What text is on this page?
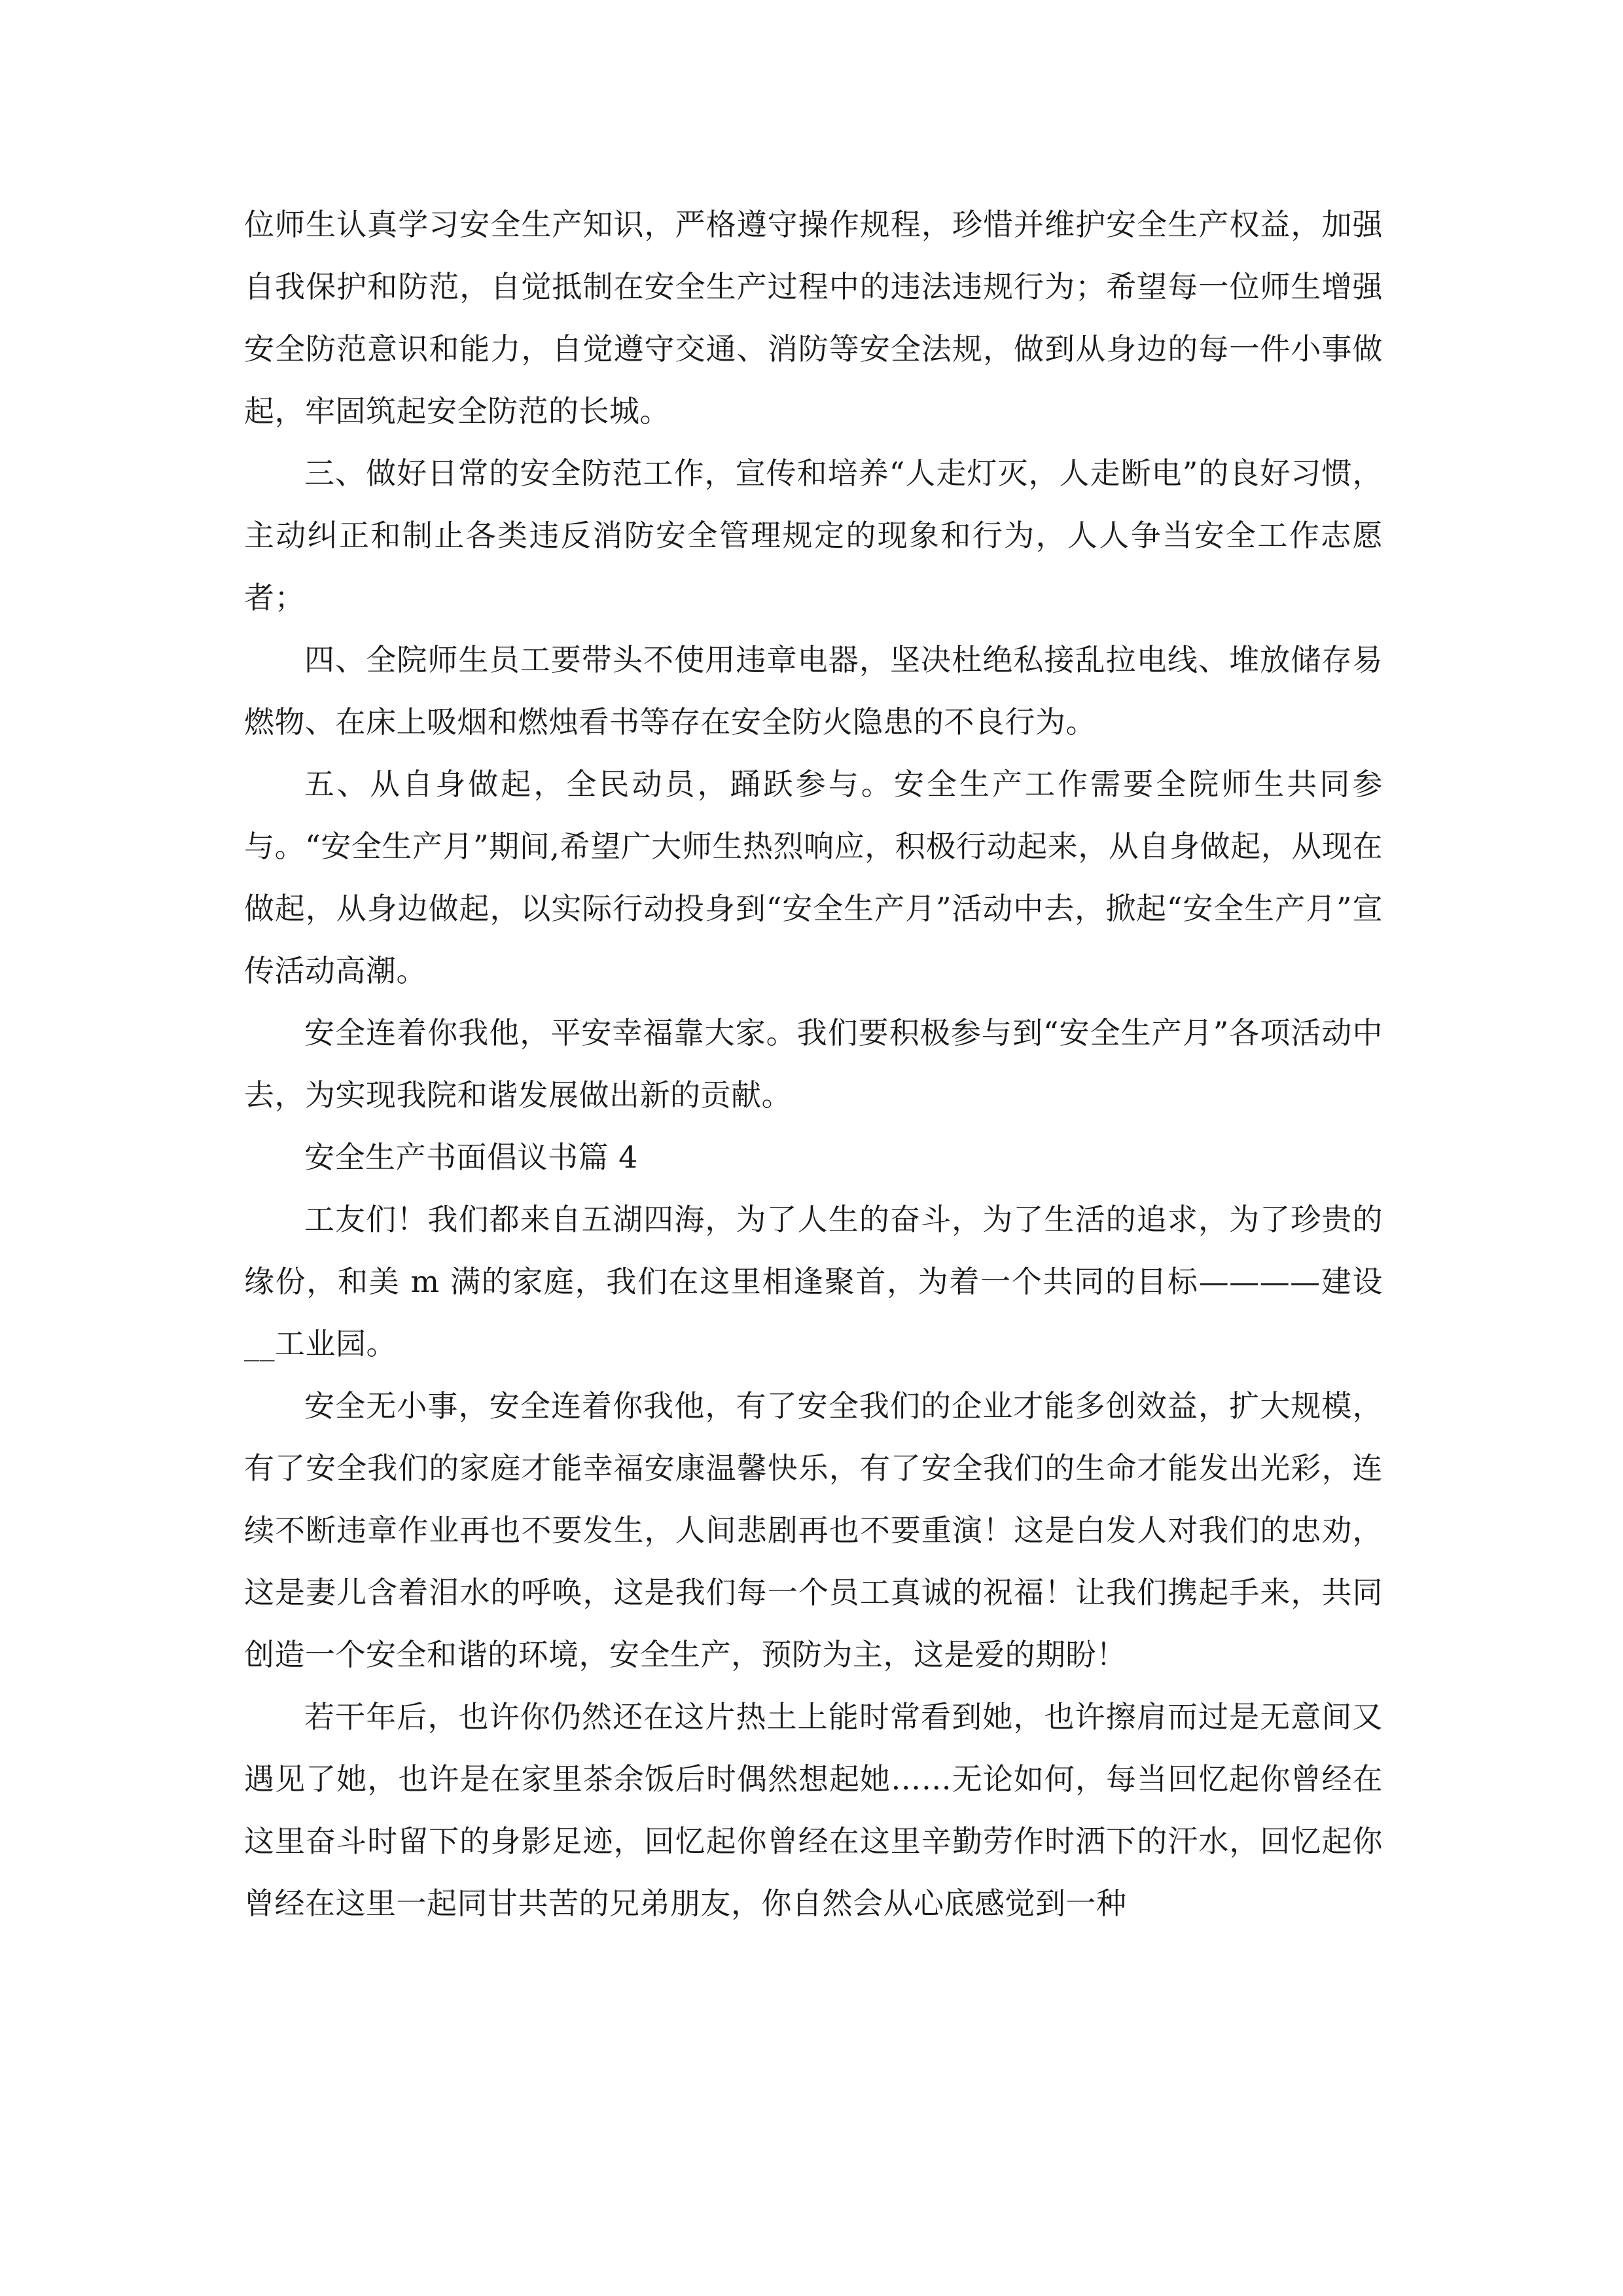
位师生认真学习安全生产知识，严格遵守操作规程，珍惜并维护安全生产权益，加强自我保护和防范，自觉抵制在安全生产过程中的违法违规行为；希望每一位师生增强安全防范意识和能力，自觉遵守交通、消防等安全法规，做到从身边的每一件小事做起，牢固筑起安全防范的长城。

三、做好日常的安全防范工作，宣传和培养“人走灯灭，人走断电”的良好习惯，主动纠正和制止各类违反消防安全管理规定的现象和行为，人人争当安全工作志愿者；

四、全院师生员工要带头不使用违章电器，坚决杜绝私接乱拉电线、堆放储存易燃物、在床上吸烟和燃烛看书等存在安全防火隐患的不良行为。

五、从自身做起，全民动员，踊跃参与。安全生产工作需要全院师生共同参与。“安全生产月”期间,希望广大师生热烈响应，积极行动起来，从自身做起，从现在做起，从身边做起，以实际行动投身到“安全生产月”活动中去，掀起“安全生产月”宣传活动高潮。

安全连着你我他，平安幸福靠大家。我们要积极参与到“安全生产月”各项活动中去，为实现我院和谐发展做出新的贡献。

安全生产书面倡议书篇 4

工友们！我们都来自五湖四海，为了人生的奋斗，为了生活的追求，为了珍贵的缘份，和美 m 满的家庭，我们在这里相逢聚首，为着一个共同的目标————建设__工业园。

安全无小事，安全连着你我他，有了安全我们的企业才能多创效益，扩大规模，有了安全我们的家庭才能幸福安康温馨快乐，有了安全我们的生命才能发出光彩，连续不断违章作业再也不要发生，人间悲剧再也不要重演！这是白发人对我们的忠劝，这是妻儿含着泪水的呼唤，这是我们每一个员工真诚的祝福！让我们携起手来，共同创造一个安全和谐的环境，安全生产，预防为主，这是爱的期盼！

若干年后，也许你仍然还在这片热土上能时常看到她，也许擦肩而过是无意间又遇见了她，也许是在家里茶余饭后时偶然想起她……无论如何，每当回忆起你曾经在这里奋斗时留下的身影足迹，回忆起你曾经在这里辛勤劳作时洒下的汗水，回忆起你曾经在这里一起同甘共苦的兄弟朋友，你自然会从心底感觉到一种
